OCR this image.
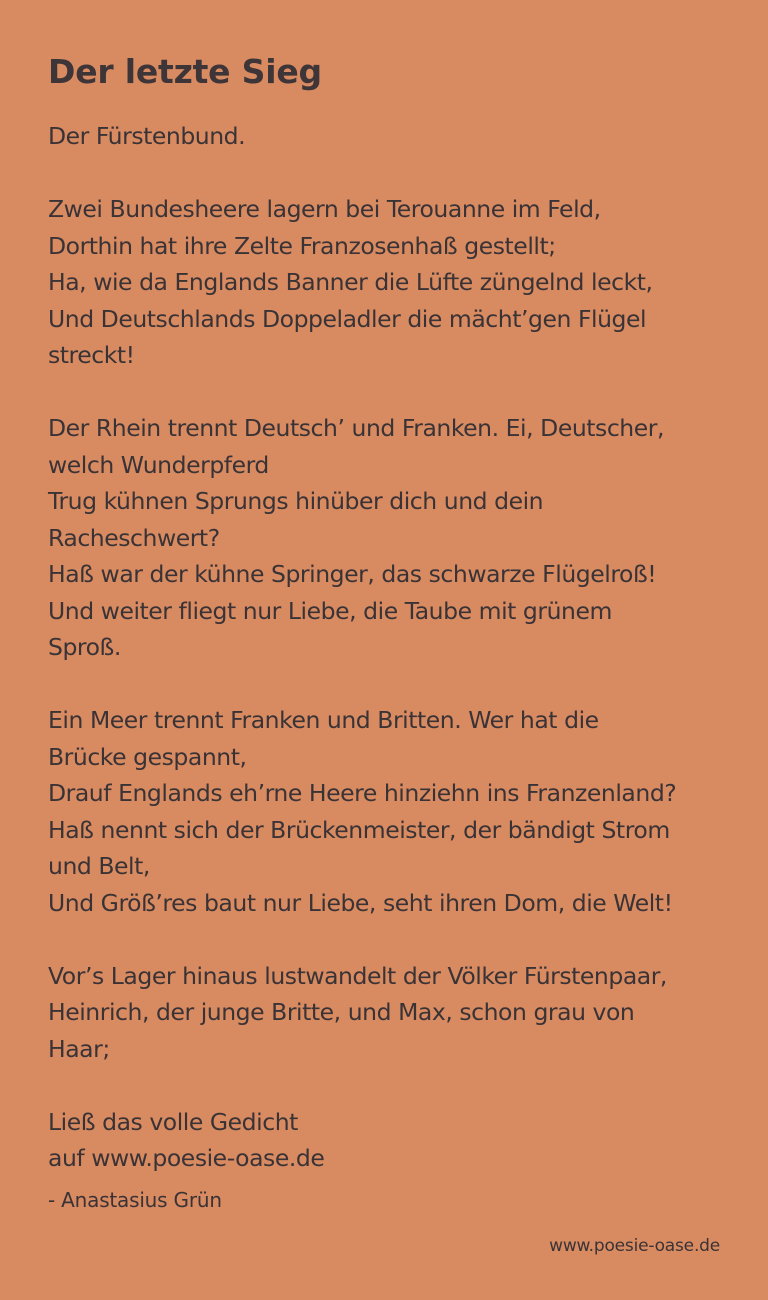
Der letzte Sieg
Der Fürstenbund.
Zwei Bundesheere lagern bei Terouanne im Feld,
Dorthin hat ihre Zelte Franzosenhaß gestellt;
Ha, wie da Englands Banner die Lüfte züngelnd leckt,
Und Deutschlands Doppeladler die mächt’gen Flügel
streckt!
Der Rhein trennt Deutsch’ und Franken. Ei, Deutscher,
welch Wunderpferd
Trug kühnen Sprungs hinüber dich und dein
Racheschwert?
Haß war der kühne Springer, das schwarze Flügelroß!
Und weiter fliegt nur Liebe, die Taube mit grünem
Sproß.
Ein Meer trennt Franken und Britten. Wer hat die
Brücke gespannt,
Drauf Englands eh’rne Heere hinziehn ins Franzenland?
Haß nennt sich der Brückenmeister, der bändigt Strom
und Belt,
Und Größ’res baut nur Liebe, seht ihren Dom, die Welt!
Vor’s Lager hinaus lustwandelt der Völker Fürstenpaar,
Heinrich, der junge Britte, und Max, schon grau von
Haar;
Ließ das volle Gedicht
auf www.poesie-oase.de
- Anastasius Grün
www.poesie-oase.de
